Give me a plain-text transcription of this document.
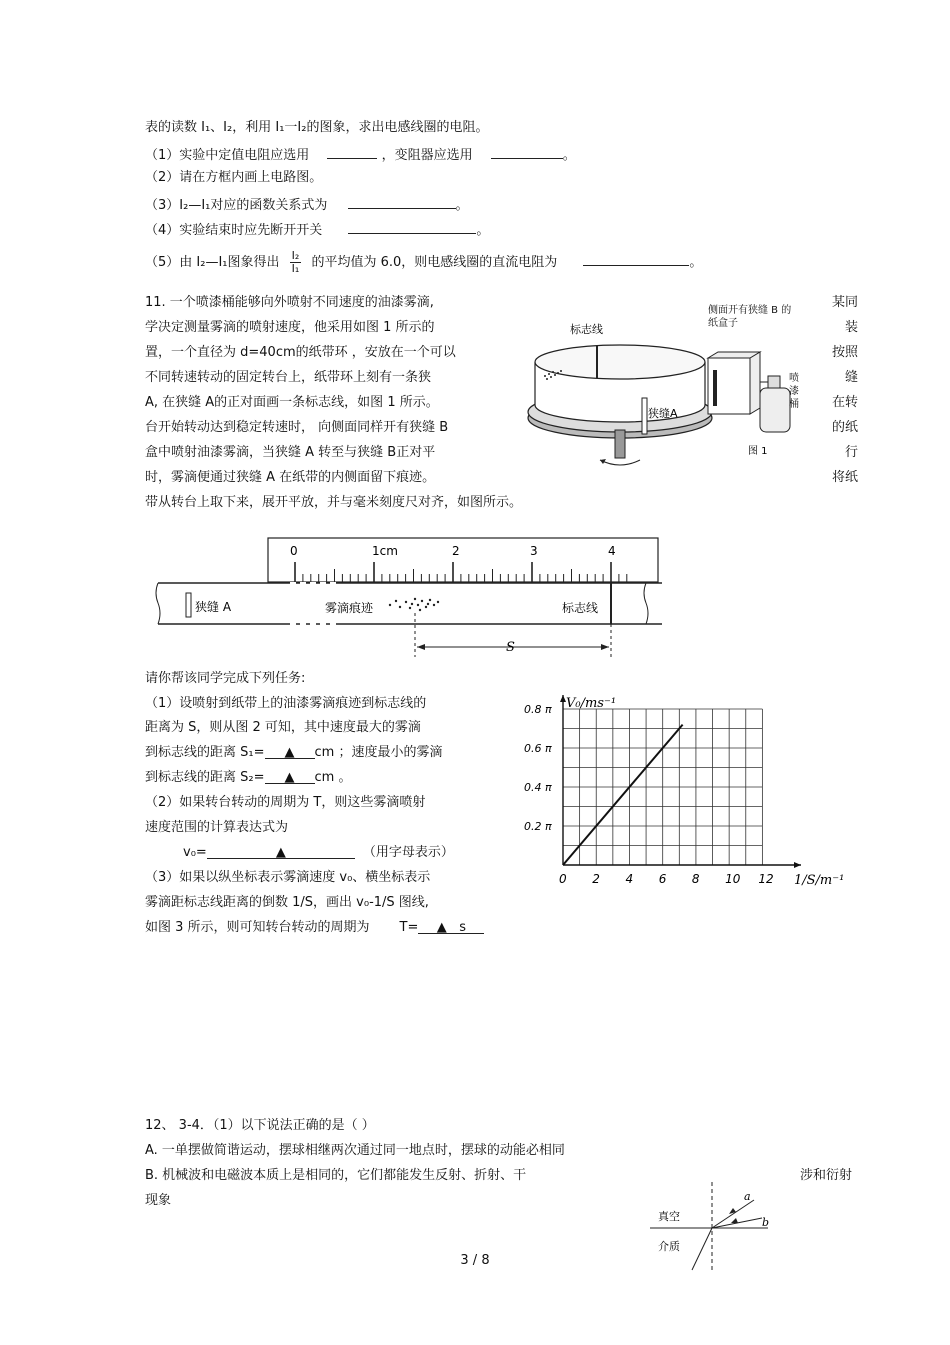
表的读数 I₁、I₂，利用 I₁一I₂的图象，求出电感线圈的电阻。
（1）实验中定值电阻应选用	，变阻器应选用	。
（2）请在方框内画上电路图。
（3）I₂—I₁对应的函数关系式为	。
（4）实验结束时应先断开开关	。
（5）由 I₂—I₁图象得出 $\frac{\text{I₂}}{\text{I₁}}$ 的平均值为 6.0，则电感线圈的直流电阻为	。
11. 一个喷漆桶能够向外喷射不同速度的油漆雾滴,
学决定测量雾滴的喷射速度，他采用如图 1 所示的
置，一个直径为 d=40cm的纸带环 ，安放在一个可以
不同转速转动的固定转台上，纸带环上刻有一条狭
A, 在狭缝 A的正对面画一条标志线，如图 1 所示。
台开始转动达到稳定转速时， 向侧面同样开有狭缝 B
盒中喷射油漆雾滴，当狭缝 A 转至与狭缝 B正对平
时，雾滴便通过狭缝 A 在纸带的内侧面留下痕迹。
带从转台上取下来，展开平放，并与毫米刻度尺对齐，如图所示。
某同
装
按照
缝
在转
的纸
行
将纸
狭缝A
标志线
侧面开有狭缝 B 的纸盒子
喷漆桶
图 1
0	1cm	2	3	4
狭缝 A	雾滴痕迹	标志线
S
请你帮该同学完成下列任务:
（1）设喷射到纸带上的油漆雾滴痕迹到标志线的
距离为 S，则从图 2 可知，其中速度最大的雾滴
到标志线的距离 S₁= ▲ cm ；速度最小的雾滴
到标志线的距离 S₂= ▲ cm 。
（2）如果转台转动的周期为 T，则这些雾滴喷射
速度范围的计算表达式为
v₀=	▲	（用字母表示）
（3）如果以纵坐标表示雾滴速度 v₀、横坐标表示
雾滴距标志线距离的倒数 1/S，画出 v₀-1/S 图线,
如图 3 所示，则可知转台转动的周期为 T= ▲ s
0 2 4 6 8 10 12
0.2 π
0.4 π
0.6 π
0.8 π V₀/ms⁻¹
1/S/m⁻¹
12、 3-4．（1）以下说法正确的是（ ）
A. 一单摆做简谐运动，摆球相继两次通过同一地点时，摆球的动能必相同
B. 机械波和电磁波本质上是相同的，它们都能发生反射、折射、干	涉和衍射
现象
真空
介质
a
b
3 / 8
